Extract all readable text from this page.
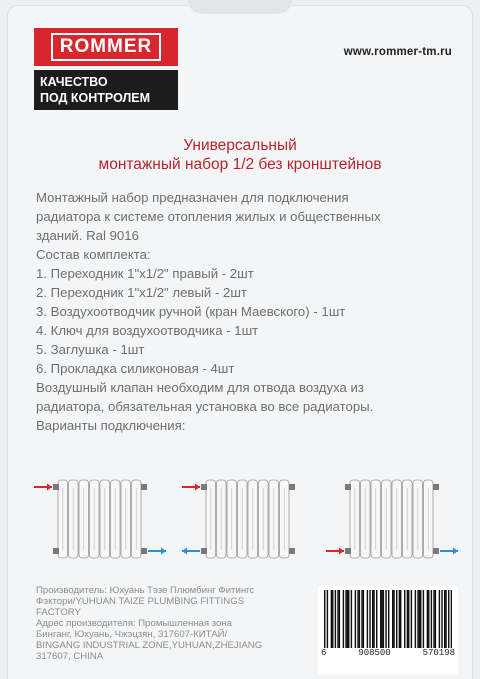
ROMMER
КАЧЕСТВО
ПОД КОНТРОЛЕМ
www.rommer-tm.ru
Универсальный
монтажный набор 1/2 без кронштейнов

Монтажный набор предназначен для подключения

радиатора к системе отопления жилых и общественных

зданий. Ral 9016

Состав комплекта:

1. Переходник 1"х1/2" правый - 2шт

2. Переходник 1"х1/2" левый - 2шт

3. Воздухоотводчик ручной (кран Маевского) - 1шт

4. Ключ для воздухоотводчика - 1шт

5. Заглушка - 1шт

6. Прокладка силиконовая - 4шт

Воздушный клапан необходим для отвода воздуха из

радиатора, обязательная установка во все радиаторы.

Варианты подключения:

Производитель: Юхуань Тэзе Плюмбинг Фитингс

Фэктори/YUHUAN TAIZE PLUMBING FITTINGS

FACTORY

Адрес производителя: Промышленная зона

Бинганг, Юхуань, Чжэцзян, 317607-КИТАЙ/

BINGANG INDUSTRIAL ZONE,YUHUAN,ZHEJIANG

317607, CHINA	6	908500	570198
